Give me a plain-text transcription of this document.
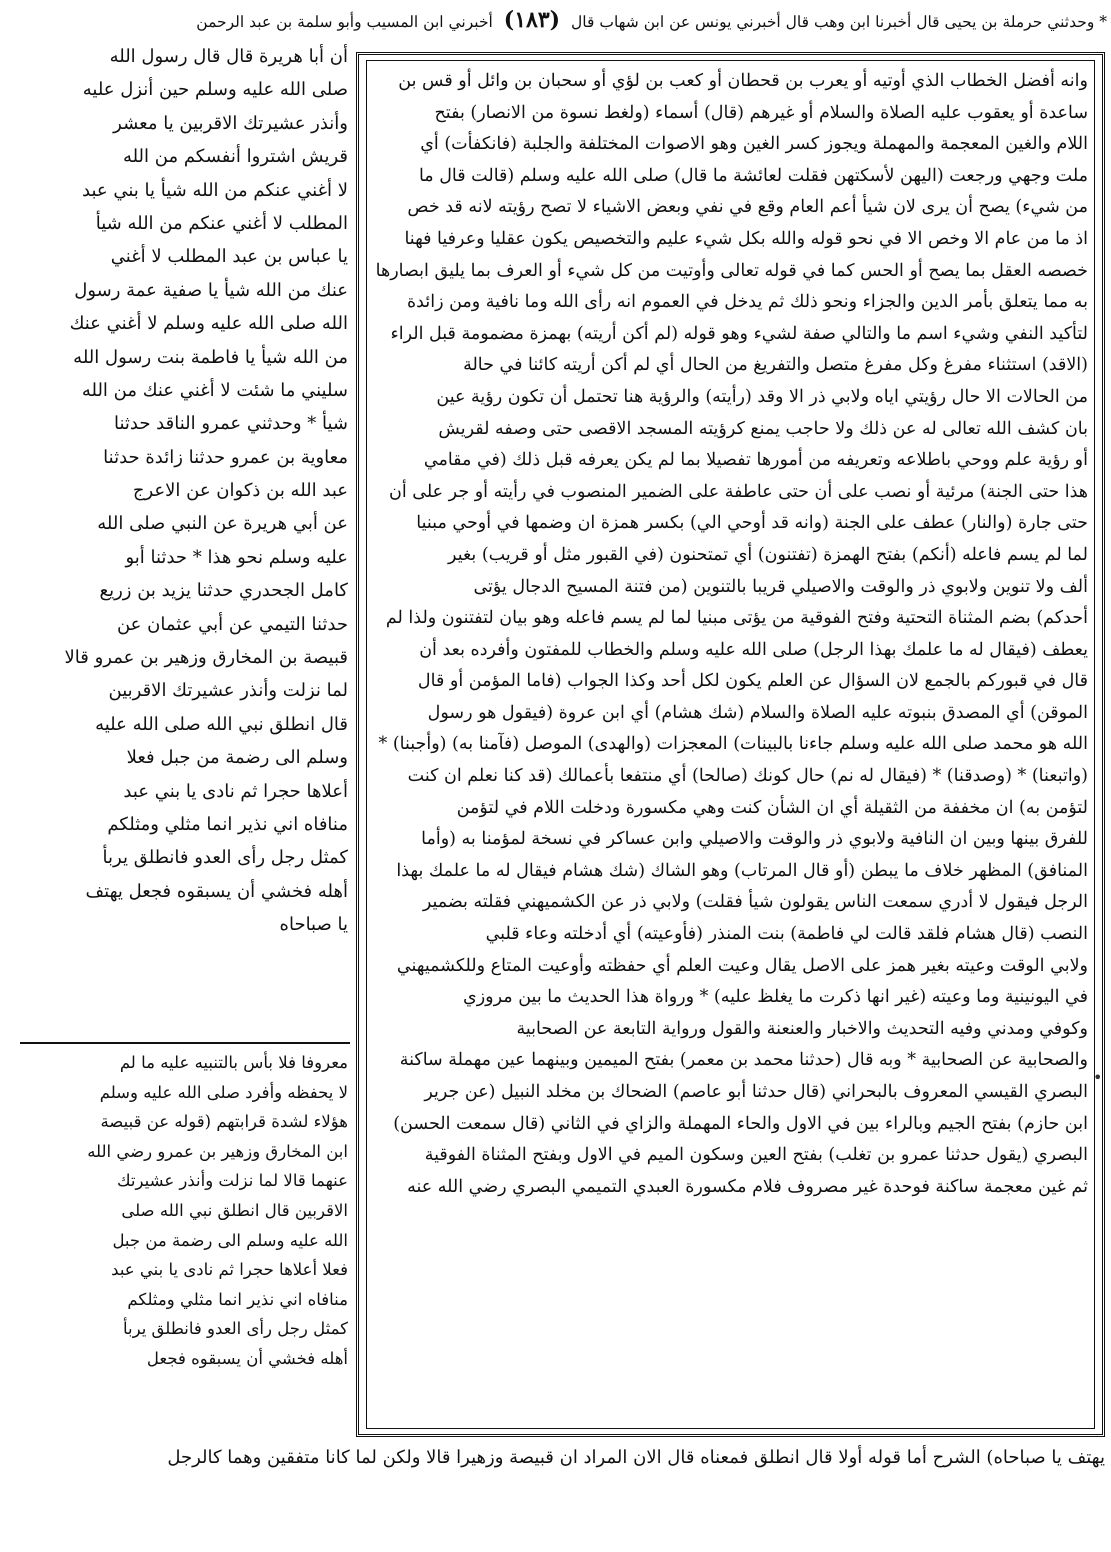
* وحدثني حرملة بن يحيى قال أخبرنا ابن وهب قال أخبرني يونس عن ابن شهاب قال (١٨٣) أخبرني ابن المسيب وأبو سلمة بن عبد الرحمن

وانه أفضل الخطاب الذي أوتيه أو يعرب بن قحطان أو كعب بن لؤي أو سحبان بن وائل أو قس بن

ساعدة أو يعقوب عليه الصلاة والسلام أو غيرهم (قال) أسماء (ولغط نسوة من الانصار) بفتح

اللام والغين المعجمة والمهملة ويجوز كسر الغين وهو الاصوات المختلفة والجلبة (فانكفأت) أي

ملت وجهي ورجعت (اليهن لأسكتهن فقلت لعائشة ما قال) صلى الله عليه وسلم (قالت قال ما

من شيء) يصح أن يرى لان شيأ أعم العام وقع في نفي وبعض الاشياء لا تصح رؤيته لانه قد خص

اذ ما من عام الا وخص الا في نحو قوله والله بكل شيء عليم والتخصيص يكون عقليا وعرفيا فهنا

خصصه العقل بما يصح أو الحس كما في قوله تعالى وأوتيت من كل شيء أو العرف بما يليق ابصارها

به مما يتعلق بأمر الدين والجزاء ونحو ذلك ثم يدخل في العموم انه رأى الله وما نافية ومن زائدة

لتأكيد النفي وشيء اسم ما والتالي صفة لشيء وهو قوله (لم أكن أريته) بهمزة مضمومة قبل الراء

(الاقد) استثناء مفرغ وكل مفرغ متصل والتفريغ من الحال أي لم أكن أريته كائنا في حالة

من الحالات الا حال رؤيتي اياه ولابي ذر الا وقد (رأيته) والرؤية هنا تحتمل أن تكون رؤية عين

بان كشف الله تعالى له عن ذلك ولا حاجب يمنع كرؤيته المسجد الاقصى حتى وصفه لقريش

أو رؤية علم ووحي باطلاعه وتعريفه من أمورها تفصيلا بما لم يكن يعرفه قبل ذلك (في مقامي

هذا حتى الجنة) مرئية أو نصب على أن حتى عاطفة على الضمير المنصوب في رأيته أو جر على أن

حتى جارة (والنار) عطف على الجنة (وانه قد أوحي الي) بكسر همزة ان وضمها في أوحي مبنيا

لما لم يسم فاعله (أنكم) بفتح الهمزة (تفتنون) أي تمتحنون (في القبور مثل أو قريب) بغير

ألف ولا تنوين ولابوي ذر والوقت والاصيلي قريبا بالتنوين (من فتنة المسيح الدجال يؤتى

أحدكم) بضم المثناة التحتية وفتح الفوقية من يؤتى مبنيا لما لم يسم فاعله وهو بيان لتفتنون ولذا لم

يعطف (فيقال له ما علمك بهذا الرجل) صلى الله عليه وسلم والخطاب للمفتون وأفرده بعد أن

قال في قبوركم بالجمع لان السؤال عن العلم يكون لكل أحد وكذا الجواب (فاما المؤمن أو قال

الموقن) أي المصدق بنبوته عليه الصلاة والسلام (شك هشام) أي ابن عروة (فيقول هو رسول

الله هو محمد صلى الله عليه وسلم جاءنا بالبينات) المعجزات (والهدى) الموصل (فآمنا به) (وأجبنا) *

(واتبعنا) * (وصدقنا) * (فيقال له نم) حال كونك (صالحا) أي منتفعا بأعمالك (قد كنا نعلم ان كنت

لتؤمن به) ان مخففة من الثقيلة أي ان الشأن كنت وهي مكسورة ودخلت اللام في لتؤمن

للفرق بينها وبين ان النافية ولابوي ذر والوقت والاصيلي وابن عساكر في نسخة لمؤمنا به (وأما

المنافق) المظهر خلاف ما يبطن (أو قال المرتاب) وهو الشاك (شك هشام فيقال له ما علمك بهذا

الرجل فيقول لا أدري سمعت الناس يقولون شيأ فقلت) ولابي ذر عن الكشميهني فقلته بضمير

النصب (قال هشام فلقد قالت لي فاطمة) بنت المنذر (فأوعيته) أي أدخلته وعاء قلبي

ولابي الوقت وعيته بغير همز على الاصل يقال وعيت العلم أي حفظته وأوعيت المتاع وللكشميهني

في اليونينية وما وعيته (غير انها ذكرت ما يغلظ عليه) * ورواة هذا الحديث ما بين مروزي

وكوفي ومدني وفيه التحديث والاخبار والعنعنة والقول ورواية التابعة عن الصحابية

والصحابية عن الصحابية * وبه قال (حدثنا محمد بن معمر) بفتح الميمين وبينهما عين مهملة ساكنة

البصري القيسي المعروف بالبحراني (قال حدثنا أبو عاصم) الضحاك بن مخلد النبيل (عن جرير

ابن حازم) بفتح الجيم وبالراء بين في الاول والحاء المهملة والزاي في الثاني (قال سمعت الحسن)

البصري (يقول حدثنا عمرو بن تغلب) بفتح العين وسكون الميم في الاول وبفتح المثناة الفوقية

ثم غين معجمة ساكنة فوحدة غير مصروف فلام مكسورة العبدي التميمي البصري رضي الله عنه

أن أبا هريرة قال قال رسول الله

صلى الله عليه وسلم حين أنزل عليه

وأنذر عشيرتك الاقربين يا معشر

قريش اشتروا أنفسكم من الله

لا أغني عنكم من الله شيأ يا بني عبد

المطلب لا أغني عنكم من الله شيأ

يا عباس بن عبد المطلب لا أغني

عنك من الله شيأ يا صفية عمة رسول

الله صلى الله عليه وسلم لا أغني عنك

من الله شيأ يا فاطمة بنت رسول الله

سليني ما شئت لا أغني عنك من الله

شيأ * وحدثني عمرو الناقد حدثنا

معاوية بن عمرو حدثنا زائدة حدثنا

عبد الله بن ذكوان عن الاعرج

عن أبي هريرة عن النبي صلى الله

عليه وسلم نحو هذا * حدثنا أبو

كامل الجحدري حدثنا يزيد بن زريع

حدثنا التيمي عن أبي عثمان عن

قبيصة بن المخارق وزهير بن عمرو قالا

لما نزلت وأنذر عشيرتك الاقربين

قال انطلق نبي الله صلى الله عليه

وسلم الى رضمة من جبل فعلا

أعلاها حجرا ثم نادى يا بني عبد

منافاه اني نذير انما مثلي ومثلكم

كمثل رجل رأى العدو فانطلق يربأ

أهله فخشي أن يسبقوه فجعل يهتف

يا صباحاه

معروفا فلا بأس بالتنبيه عليه ما لم

لا يحفظه وأفرد صلى الله عليه وسلم

هؤلاء لشدة قرابتهم (قوله عن قبيصة

ابن المخارق وزهير بن عمرو رضي الله

عنهما قالا لما نزلت وأنذر عشيرتك

الاقربين قال انطلق نبي الله صلى

الله عليه وسلم الى رضمة من جبل

فعلا أعلاها حجرا ثم نادى يا بني عبد

منافاه اني نذير انما مثلي ومثلكم

كمثل رجل رأى العدو فانطلق يربأ

أهله فخشي أن يسبقوه فجعل

يهتف يا صباحاه) الشرح أما قوله أولا قال انطلق فمعناه قال الان المراد ان قبيصة وزهيرا قالا ولكن لما كانا متفقين وهما كالرجل
•
